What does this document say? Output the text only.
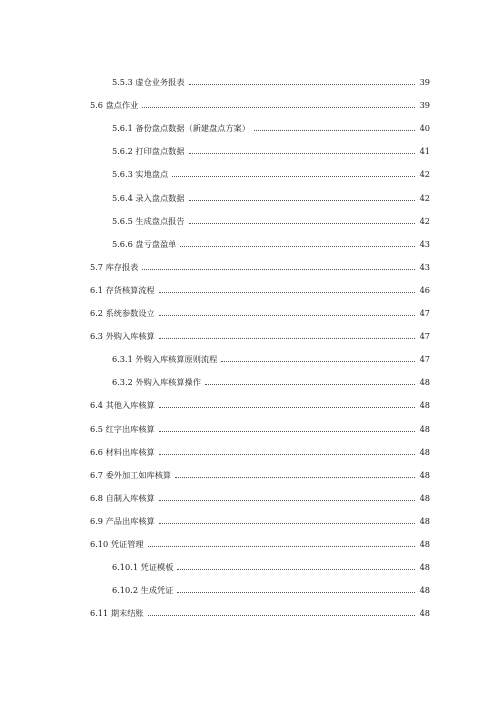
5.5.3 虚仓业务报表	39
5.6 盘点作业	39
5.6.1 备份盘点数据（新建盘点方案）	40
5.6.2 打印盘点数据	41
5.6.3 实地盘点	42
5.6.4 录入盘点数据	42
5.6.5 生成盘点报告	42
5.6.6 盘亏盘盈单	43
5.7 库存报表	43
6.1 存货核算流程	46
6.2 系统参数设立	47
6.3 外购入库核算	47
6.3.1 外购入库核算原则流程	47
6.3.2 外购入库核算操作	48
6.4 其他入库核算	48
6.5 红字出库核算	48
6.6 材料出库核算	48
6.7 委外加工如库核算	48
6.8 自制入库核算	48
6.9 产品出库核算	48
6.10 凭证管理	48
6.10.1 凭证模板	48
6.10.2 生成凭证	48
6.11 期末结账	48
